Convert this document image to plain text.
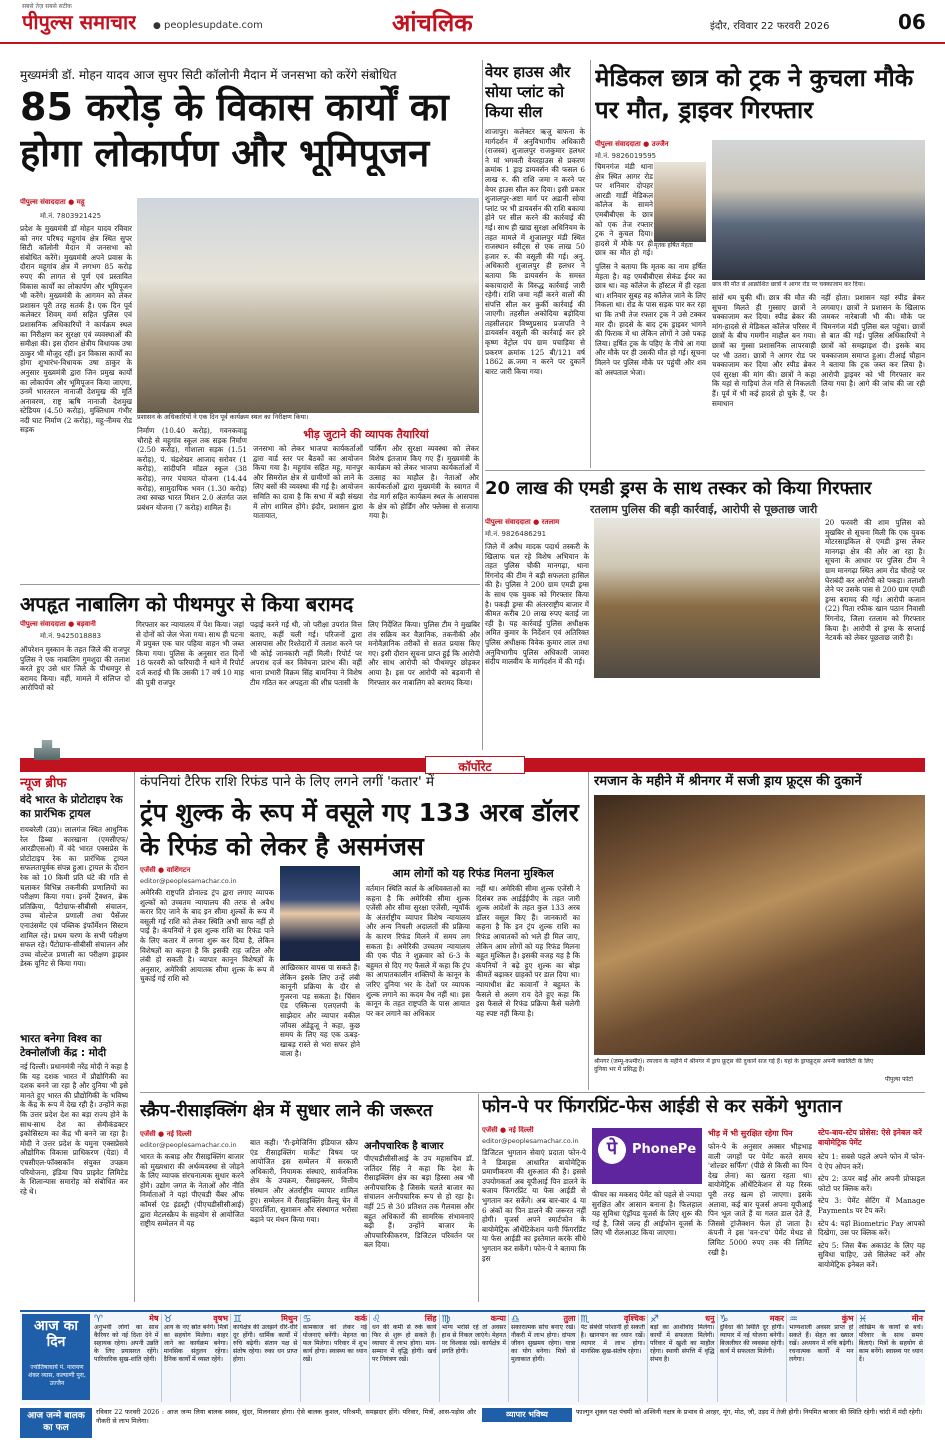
सबसे तेज़ सबसे सटीक
पीपुल्स समाचार ● peoplesupdate.com	आंचलिक	इंदौर, रविवार 22 फरवरी 2026	06
मुख्यमंत्री डॉ. मोहन यादव आज सुपर सिटी कॉलोनी मैदान में जनसभा को करेंगे संबोधित
85 करोड़ के विकास कार्यों का होगा लोकार्पण और भूमिपूजन
पीपुल्स संवाददाता ● महू
मो.नं. 7803921425
प्रदेश के मुख्यमंत्री डॉ मोहन यादव रविवार को नगर परिषद महूगांव क्षेत्र स्थित सुपर सिटी कॉलोनी मैदान में जनसभा को संबोधित करेंगे। मुख्यमंत्री अपने प्रवास के दौरान महूगांव क्षेत्र में लगभग 85 करोड़ रुपए की लागत से पूर्ण एवं प्रस्तावित विकास कार्यों का लोकार्पण और भूमिपूजन भी करेंगे। मुख्यमंत्री के आगमन को लेकर प्रशासन पूरी तरह सतर्क है। एक दिन पूर्व कलेक्टर शिवम् वर्मा सहित पुलिस एवं प्रशासनिक अधिकारियों ने कार्यक्रम स्थल का निरीक्षण कर सुरक्षा एवं व्यवस्थाओं की समीक्षा की। इस दौरान क्षेत्रीय विधायक उषा ठाकुर भी मौजूद रहीं। इन विकास कार्यों का होगा शुभारंभ-विधायक उषा ठाकुर के अनुसार मुख्यमंत्री द्वारा जिन प्रमुख कार्यों का लोकार्पण और भूमिपूजन किया जाएगा, उनमें भारतरत्न नानाजी देशमुख की मूर्ति अनावरण, राष्ट्र ऋषि नानाजी देशमुख स्टेडियम (4.50 करोड़), मुक्तिधाम गंभीर नदी घाट निर्माण (2 करोड़), महू-नीमच रोड सड़क
प्रशासन के अधिकारियों ने एक दिन पूर्व कार्यक्रम स्थल का निरीक्षण किया।
निर्माण (10.40 करोड़), गवनकवाडू चौराहे से महूगांव स्कूल तक सड़क निर्माण (2.50 करोड़), गोशाला सड़क (1.51 करोड़), पं. चंद्रशेखर आजाद सरोवर (1 करोड़), सांदीपनि मॉडल स्कूल (38 करोड़), नगर पंचायत योजना (14.44 करोड़), सामुदायिक भवन (1.30 करोड़) तथा स्वच्छ भारत मिशन 2.0 अंतर्गत जल प्रबंधन योजना (7 करोड़) शामिल हैं।
भीड़ जुटाने की व्यापक तैयारियां
जनसभा को लेकर भाजपा कार्यकर्ताओं द्वारा वार्ड स्तर पर बैठकों का आयोजन किया गया है। महूगांव सहित महू, मानपुर और सिमरोल क्षेत्र से ग्रामीणों को लाने के लिए बसों की व्यवस्था की गई है। आयोजन समिति का दावा है कि सभा में बड़ी संख्या में लोग शामिल होंगे। इंदौर, प्रशासन द्वारा यातायात,
पार्किंग और सुरक्षा व्यवस्था को लेकर विशेष इंतजाम किए गए हैं। मुख्यमंत्री के कार्यक्रम को लेकर भाजपा कार्यकर्ताओं में उत्साह का माहौल है। नेताओं और कार्यकर्ताओं द्वारा मुख्यमंत्री के स्वागत में रोड मार्ग सहित कार्यक्रम स्थल के आसपास के क्षेत्र को होर्डिंग और फ्लेक्स से सजाया गया है।
वेयर हाउस और सोया प्लांट को किया सील
शाजापुर। कलेक्टर ऋजु बाफना के मार्गदर्शन में अनुविभागीय अधिकारी (राजस्व) शुजालपुर राजकुमार हलधर ने मां भगवती वेयरहाउस से प्रकरण क्रमांक 1 ड्राइ डायवर्सन की फसल 6 लाख रु. की राशि जमा न करने पर वेयर हाउस सील कर दिया। इसी प्रकार शुजालपुर-अष्टा मार्ग पर अडानी सोया प्लांट पर भी डायवर्सन की राशि बकाया होने पर सील करने की कार्रवाई की गई। साथ ही खाद्य सुरक्षा अधिनियम के तहत मामले में शुजालपुर मंडी स्थित राजस्थान स्वीट्स से एक लाख 50 हजार रु. की वसूली की गई। अनु. अधिकारी शुजालपुर ही हलधर ने बताया कि डायवर्सन के समस्त बकायादारों के विरुद्ध कार्रवाई जारी रहेगी। राशि जमा नहीं करने वालों की संपत्ति सील कर कुर्की कार्रवाई की जाएगी। तहसील अकोदिया बड़ोदिया तहसीलदार विष्णुप्रसाद प्रजापति ने डायवर्सन वसूली की कार्रवाई कर हरे कृष्ण वेट्रोल पंप ग्राम पचाड़िया से प्रकरण क्रमांक 125 बी/121 वर्ष 1862 क्र.जमा न करने पर दुकानें बारट जारी किया गया।
मेडिकल छात्र को ट्रक ने कुचला मौके पर मौत, ड्राइवर गिरफ्तार
पीपुल्स संवाददाता ● उज्जैन
मो.नं. 9826019595
चिमनगंज मंडी थाना क्षेत्र स्थित आगर रोड पर शनिवार दोपहर आरडी गार्डी मेडिकल कॉलेज के सामने एमबीबीएस के छात्र को एक तेज रफ्तार ट्रक ने कुचल दिया। हादसे में मौके पर ही छात्र का मौत हो गई।
मृतक हर्षित मेहता
पुलिस ने बताया कि मृतक का नाम हर्षित मेहता है। वह एमबीबीएस सेकंड ईयर का छात्र था। वह कॉलेज के हॉस्टल में ही रहता था। शनिवार सुबह वह कॉलेज जाने के लिए निकला था। रोड के पास सड़क पार कर रहा था कि तभी तेज रफ्तार ट्रक ने उसे टक्कर मार दी। हादसे के बाद ट्रक ड्राइवर भागने की फिराक में था लेकिन लोगों ने उसे पकड़ लिया। हर्षित ट्रक के पहिए के नीचे आ गया और मौके पर ही उसकी मौत हो गई। सूचना मिलने पर पुलिस मौके पर पहुंची और शव को अस्पताल भेजा।
छात्र की मौत से आक्रोशित छात्रों ने आगर रोड पर चक्काजाम कर दिया।
सांसें थम चुकी थीं। छात्र की मौत की सूचना मिलते ही गुस्साए छात्रों ने चक्काजाम कर दिया। स्पीड ब्रेकर की मांग-हादसे से मेडिकल कॉलेज परिसर में छात्रों के बीच गमगीन माहौल बन गया। छात्रों का गुस्सा प्रशासनिक लापरवाही पर भी उतरा। छात्रों ने आगर रोड पर चक्काजाम कर दिया और स्पीड ब्रेकर एवं सुरक्षा की मांग की। छात्रों ने कहा कि यहां से गाड़ियां तेज गति से निकलती हैं। पूर्व में भी कई हादसे हो चुके हैं, पर समाधान
नहीं होता। प्रशासन यहां स्पीड ब्रेकर लगवाए। छात्रों ने प्रशासन के खिलाफ जमकर नारेबाजी भी की। मौके पर चिमनगंज मंडी पुलिस बल पहुंचा। छात्रों से बात की गई। पुलिस अधिकारियों ने छात्रों को समझाइश दी। इसके बाद चक्काजाम समाप्त हुआ। टीआई चौहान ने बताया कि ट्रक जब्त कर लिया है। आरोपी ड्राइवर को भी गिरफ्तार कर लिया गया है। आगे की जांच की जा रही है।
20 लाख की एमडी ड्रग्स के साथ तस्कर को किया गिरफ्तार
रतलाम पुलिस की बड़ी कार्रवाई, आरोपी से पूछताछ जारी
पीपुल्स संवाददाता ● रतलाम
मो.नं. 9826486291
जिले में अवैध मादक पदार्थ तस्करी के खिलाफ चल रहे विशेष अभियान के तहत पुलिस चौकी मानगढ़ा, थाना रिंगनोद की टीम ने बड़ी सफलता हासिल की है। पुलिस ने 200 ग्राम एमडी ड्रग्स के साथ एक युवक को गिरफ्तार किया है। पकड़ी ड्रग्स की अंतरराष्ट्रीय बाजार में कीमत करीब 20 लाख रुपए बताई जा रही है। यह कार्रवाई पुलिस अधीक्षक अमित कुमार के निर्देशन एवं अतिरिक्त पुलिस अधीक्षक विवेक कुमार लाल तथा अनुविभागीय पुलिस अधिकारी जावरा संदीप मालवीय के मार्गदर्शन में की गई।
20 फरवरी की शाम पुलिस को मुखबिर से सूचना मिली कि एक युवक मोटरसाइकिल से एमडी ड्रग्स लेकर मानगढ़ा क्षेत्र की ओर आ रहा है। सूचना के आधार पर पुलिस टीम ने ग्राम मानगढ़ा स्थित आम रोड चौराहे पर घेराबंदी कर आरोपी को पकड़ा। तलाशी लेने पर उसके पास से 200 ग्राम एमडी ड्रग्स बरामद की गई। आरोपी कजान (22) पिता रफीक खान पठान निवासी रिंगनोद, जिला रतलाम को गिरफ्तार किया है। आरोपी से ड्रग्स के सप्लाई नेटवर्क को लेकर पूछताछ जारी है।
अपहृत नाबालिग को पीथमपुर से किया बरामद
पीपुल्स संवाददाता ● बड़वानी
मो.नं. 9425018883
ऑपरेशन मुस्कान के तहत जिले की राजपुर पुलिस ने एक नाबालिग गुमशुदा की तलाश करते हुए उसे धार जिले के पीथमपुर से बरामद किया। वहीं, मामले में संलिप्त दो आरोपियों को
गिरफ्तार कर न्यायालय में पेश किया। जहां से दोनों को जेल भेजा गया। साथ ही घटना में प्रयुक्त एक चार पहिया वाहन भी जब्त किया गया। पुलिस के अनुसार रात दिनों 18 फरवरी को फरियादी ने थाने में रिपोर्ट दर्ज कराई थी कि उसकी 17 वर्ष 10 माह की पुत्री राजपुर
पढ़ाई करने गई थी, जो परीक्षा उपरांत वित्त बताए, कहीं चली गई। परिजनों द्वारा आसपास और रिश्तेदारों में तलाश करने पर भी कोई जानकारी नहीं मिली। रिपोर्ट पर अपराध दर्ज कर विवेचना प्रारंभ की। वहीं थाना प्रभारी विक्रम सिंह बामनिया ने विशेष टीम गठित कर अपहृता की शीघ्र पतासी के
लिए निर्देशित किया। पुलिस टीम ने मुखबिर तंत्र सक्रिय कर वैज्ञानिक, तकनीकी और मनोवैज्ञानिक तरीकों से सतत प्रयास किए गए। इसी दौरान सूचना प्राप्त हुई कि आरोपी और साथ आरोपी को पीथमपुर छोड़कर आया है। इस पर आरोपी को बड़वानी से गिरफ्तार कर नाबालिग को बरामद किया।
कॉर्पोरेट
न्यूज ब्रीफ
वंदे भारत के प्रोटोटाइप रेक का प्रारंभिक ट्रायल
रायबरेली (उप्र)। लालगंज स्थित आधुनिक रेल डिब्बा कारखाना (एमसीएफ/आरडीएसओ) में वंदे भारत एक्सप्रेस के प्रोटोटाइप रेक का प्रारंभिक ट्रायल सफलतापूर्वक संपन्न हुआ। ट्रायल के दौरान रेक को 10 किमी प्रति घंटे की गति से चलाकर विभिन्न तकनीकी प्रणालियों का परीक्षण किया गया। इनमें ट्रैक्शन, ब्रेक प्रतिक्रिया, पैंटोग्राफ-सीबीसी संचालन, उच्च वोल्टेज प्रणाली तथा पैसेंजर एनाउंसमेंट एवं पब्लिक इंफॉर्मेशन सिस्टम शामिल रहे। प्रथम चरण के सभी परीक्षण सफल रहे। पैंटोग्राफ-सीबीसी संचालन और उच्च वोल्टेज प्रणाली का परीक्षण ड्राइवर डेस्क यूनिट से किया गया।
भारत बनेगा विश्व का टेक्नोलॉजी केंद्र : मोदी
नई दिल्ली। प्रधानमंत्री नरेंद्र मोदी ने कहा है कि यह दशक भारत में प्रौद्योगिकी का दशक बनने जा रहा है और दुनिया भी इसे मानते हुए भारत की प्रौद्योगिकी के भविष्य के केंद्र के रूप में देख रही है। उन्होंने कहा कि उत्तर प्रदेश देश का बड़ा राज्य होने के साथ-साथ देश का सेमीकंडक्टर इकोसिस्टम का केंद्र भी बनने जा रहा है। मोदी ने उत्तर प्रदेश के यमुना एक्सप्रेसवे औद्योगिक विकास प्राधिकरण (येडा) में एचसीएल-फॉक्सकॉन संयुक्त उपक्रम परियोजना, इंडिया चिप प्राइवेट लिमिटेड के शिलान्यास समारोह को संबोधित कर रहे थे।
कंपनियां टैरिफ राशि रिफंड पाने के लिए लगने लगीं 'कतार' में
ट्रंप शुल्क के रूप में वसूले गए 133 अरब डॉलर के रिफंड को लेकर है असमंजस
एजेंसी ● वाशिंगटन
editor@peoplesamachar.co.in
अमेरिकी राष्ट्रपति डोनाल्ड ट्रंप द्वारा लगाए व्यापक शुल्कों को उच्चतम न्यायालय की तरफ से अवैध करार दिए जाने के बाद इन सीमा शुल्कों के रूप में वसूली गई राशि को लेकर स्थिति अभी साफ नहीं हो पाई है। कंपनियों ने इस शुल्क राशि का रिफंड पाने के लिए कतार में लगना शुरू कर दिया है, लेकिन विशेषज्ञों का कहना है कि इसकी राह जटिल और लंबी हो सकती है। व्यापार कानून विशेषज्ञों के अनुसार, अमेरिकी आयातक सीमा शुल्क के रूप में चुकाई गई राशि को
आखिरकार वापस पा सकते हैं। लेकिन इसके लिए उन्हें लंबी कानूनी प्रक्रिया के दौर से गुजरना पड़ सकता है। चिंसन एंड एस्किन्स एलएलपी के साझेदार और व्यापार वकील जॉयस अंडेडूजू ने कहा, कुछ समय के लिए यह एक ऊबड़-खाबड़ रास्ते से भरा सफर होने वाला है।
आम लोगों को यह रिफंड मिलना मुश्किल
वर्तमान स्थिति कार्ल के अधिवक्ताओं का कहना है कि अमेरिकी सीमा शुल्क एजेंसी और सीमा सुरक्षा एजेंसी, न्यूयॉर्क के अंतर्राष्ट्रीय व्यापार विशेष न्यायालय और अन्य निचली अदालतों की प्रक्रिया के कारण रिफंड मिलने में समय लग सकता है। अमेरिकी उच्चतम न्यायालय की एक पीठ ने शुक्रवार को 6-3 के बहुमत से दिए गए फैसले में कहा कि ट्रंप का आपातकालीन शक्तियों के कानून के जरिए दुनिया भर के देशों पर व्यापक शुल्क लगाने का कदम वैध नहीं था। इस कानून के तहत राष्ट्रपति के पास आयात पर कर लगाने का अधिकार
नहीं था। अमेरिकी सीमा शुल्क एजेंसी ने दिसंबर तक आईईईपीए के तहत जारी शुल्क आदेशों के तहत कुल 133 अरब डॉलर वसूल किए हैं। जानकारों का कहना है कि इन ट्रंप शुल्क राशि का रिफंड आयातकों को भले ही मिल जाए, लेकिन आम लोगों को यह रिफंड मिलना बहुत मुश्किल है। इसकी वजह यह है कि कंपनियों ने बढ़े हुए शुल्क का बोझ कीमतें बढ़ाकर ग्राहकों पर डाल दिया था। न्यायाधीश ब्रेट कावानॉ ने बहुमत के फैसले से अलग राय देते हुए कहा कि इस फैसले से रिफंड प्रक्रिया कैसे चलेगी यह स्पष्ट नहीं किया है।
रमजान के महीने में श्रीनगर में सजी ड्राय फ्रूट्स की दुकानें
श्रीनगर (जम्मू-कश्मीर)। रमजान के महीने में श्रीनगर में ड्राय फ्रूट्स की दुकानें सज गई हैं। यहां के ड्रायफ्रूट्स अपनी क्वालिटी के लिए दुनिया भर में प्रसिद्ध हैं।
पीपुल्स फोटो
स्क्रैप-रीसाइक्लिंग क्षेत्र में सुधार लाने की जरूरत
एजेंसी ● नई दिल्ली
editor@peoplesamachar.co.in
भारत के कबाड़ और रीसाइक्लिंग बाजार को मुख्यधारा की अर्थव्यवस्था से जोड़ने के लिए व्यापक संरचनात्मक सुधार करने होंगे। उद्योग जगत के नेताओं और नीति निर्माताओं ने यहां पीएचडी चैंबर ऑफ कॉमर्स एंड इंडस्ट्री (पीएचडीसीसीआई) द्वारा मेटलस्क्रैप के सहयोग से आयोजित राष्ट्रीय सम्मेलन में यह
बात कही। 'री-इमेजिनिंग इंडियाज स्क्रैप एंड रीसाइक्लिंग मार्केट' विषय पर आयोजित इस सम्मेलन में सरकारी अधिकारी, नियामक संस्थाएं, सार्वजनिक क्षेत्र के उपक्रम, रीसाइक्लर, वित्तीय संस्थान और अंतर्राष्ट्रीय व्यापार शामिल हुए। सम्मेलन में रीसाइक्लिंग वैल्यू चेन में पारदर्शिता, सुशासन और संस्थागत भरोसा बढ़ाने पर मंथन किया गया।
अनौपचारिक है बाजार
पीएचडीसीसीआई के उप महासचिव डॉ. जतिंदर सिंह ने कहा कि देश के रीसाइक्लिंग क्षेत्र का बड़ा हिस्सा अब भी अनौपचारिक है जिसके चलते बाजार का संचालन अनौपचारिक रूप से हो रहा है। वहीं 25 से 30 प्रतिशत तक गैलवास और बहुत अधिकारों की सामरिक संभावनाएं बढ़ी हैं। उन्होंने बाजार के औपचारिकीकरण, डिजिटल परिवर्तन पर बल दिया।
फोन-पे पर फिंगरप्रिंट-फेस आईडी से कर सकेंगे भुगतान
एजेंसी ● नई दिल्ली
editor@peoplesamachar.co.in
डिजिटल भुगतान सेवाएं प्रदाता फोन-पे ने डिवाइस आधारित बायोमेट्रिक प्रमाणीकरण की शुरुआत की है। इससे उपयोगकर्ता अब यूपीआई पिन डालने के बजाय फिंगरप्रिंट या फेस आईडी से भुगतान कर सकेंगे। अब बार-बार 4 या 6 अंकों का पिन डालने की जरूरत नहीं होगी। यूजर्स अपने स्मार्टफोन के बायोमेट्रिक ऑथेंटिकेशन यानी फिंगरप्रिंट या फेस आईडी का इस्तेमाल करके सीधे भुगतान कर सकेंगे। फोन-पे ने बताया कि इस
पे	PhonePe
फीचर का मकसद पेमेंट को पहले से ज्यादा सुरक्षित और आसान बनाना है। फिलहाल यह सुविधा एंड्रॉयड यूजर्स के लिए शुरू की गई है, जिसे जल्द ही आईफोन यूजर्स के लिए भी रोलआउट किया जाएगा।
भीड़ में भी सुरक्षित रहेगा पिन
फोन-पे के अनुसार अक्सर भीड़भाड़ वाली जगहों पर पेमेंट करते समय 'शोल्डर सर्फिंग' (पीछे से किसी का पिन देख लेना) का खतरा रहता था। बायोमेट्रिक ऑथेंटिकेशन से यह रिस्क पूरी तरह खत्म हो जाएगा। इसके अलावा, कई बार यूजर्स अपना यूपीआई पिन भूल जाते हैं या गलत डाल देते हैं, जिससे ट्रांजैक्शन फेल हो जाता है। कंपनी ने इस 'वन-टच' पेमेंट मेथड से लिमिट 5000 रुपए तक की लिमिट रखी है।
स्टेप-बाय-स्टेप प्रोसेस: ऐसे इनेबल करें बायोमेट्रिक पेमेंट
स्टेप 1: सबसे पहले अपने फोन में फोन-पे ऐप ओपन करें।
स्टेप 2: ऊपर बाईं ओर अपनी प्रोफाइल फोटो पर क्लिक करें।
स्टेप 3: पेमेंट सेटिंग में Manage Payments पर टैप करें।
स्टेप 4: यहां Biometric Pay आपको दिखेगा, उस पर क्लिक करें।
स्टेप 5: जिस बैंक अकाउंट के लिए यह सुविधा चाहिए, उसे सिलेक्ट करें और बायोमेट्रिक इनेबल करें।
आज का दिन
ज्योतिषाचार्य पं. नारायण शंकर व्यास, कल्याणी पुरा, उज्जैन
♈	मेष
अनुभवी लोगों का साथ कैरियर को नई दिशा देने में सहायक रहेगा। अपनी उन्नति के लिए प्रयासरत रहेंगे। पारिवारिक सुख-शांति रहेगी।
♉	वृषभ
आय के नए स्रोत बनेंगे। मित्रों का सहयोग मिलेगा। बाहर जाने का कार्यक्रम बनेगा। मानसिक संतुलन रहेगा। दैनिक कार्यों में व्यस्त रहेंगे।
♊	मिथुन
कार्यक्षेत्र की उलझनें धीरे-धीरे दूर होंगी। धार्मिक कार्यों में रुचि बढ़ेगी। संतान पक्ष से संतोष रहेगा। रुका धन प्राप्त होगा।
♋	कर्क
कामकाज को लेकर नई योजनाएं बनेंगी। मेहनत का फल मिलेगा। परिवार में शुभ कार्य होगा। स्वास्थ्य का ध्यान रखें।
♌	सिंह
धन की कमी से रुके कार्य फिर से शुरू हो सकते हैं। व्यापार में लाभ होगा। मान-सम्मान में वृद्धि होगी। खर्च पर नियंत्रण रखें।
♍	कन्या
भाग्य भरोसे रहें तो अवसर हाथ से निकल जाएंगे। मेहनत पर विश्वास रखें। कार्यक्षेत्र में प्रगति होगी।
♎	तुला
सकारात्मक सोच बनाए रखें। नौकरी में लाभ होगा। दांपत्य जीवन सुखमय रहेगा। यात्रा का योग बनेगा। मित्रों से मुलाकात होगी।
♏	वृश्चिक
पेट संबंधी परेशानी हो सकती है। खानपान का ध्यान रखें। व्यापार में लाभ होगा। मानसिक सुख-संतोष रहेगा।
♐	धनु
बड़ों का आशीर्वाद मिलेगा। कार्यों में सफलता मिलेगी। परिवार में खुशी का माहौल रहेगा। स्थायी संपत्ति में वृद्धि संभव है।
♑	मकर
दुविधा की स्थिति दूर होगी। व्यापार में नई योजना बनेगी। बिजलीघर की व्यवस्था रहेगी। कार्य में सफलता मिलेगी।
♒	कुंभ
भाग्यशाली अवसर प्राप्त हो सकते हैं। सेहत का ख्याल रखें। अध्ययन में रुचि बढ़ेगी। रचनात्मक कार्यों में मन लगेगा।
♓	मीन
जोखिम के कार्यों से बचें। परिवार के साथ समय बिताएं। मित्रों के सहयोग से काम बनेंगे। स्वास्थ्य पर ध्यान दें।
आज जन्मे बालक का फल
रविवार 22 फरवरी 2026 : आज जन्म लिया बालक स्वस्थ, सुंदर, मिलनसार होगा। ऐसे बालक कुशल, परिश्रमी, समझदार होंगे। परिवार, मित्रों, आस-पड़ोस और नौकरी से लाभ मिलेगा।
व्यापार भविष्य	फाल्गुन शुक्ल पक्ष पंचमी को अश्विनी नक्षत्र के प्रभाव से अरहर, मूंग, मोठ, जौ, उड़द में तेजी होगी। नियमित बाजार की स्थिति रहेगी। चांदी में मंदी रहेगी।
